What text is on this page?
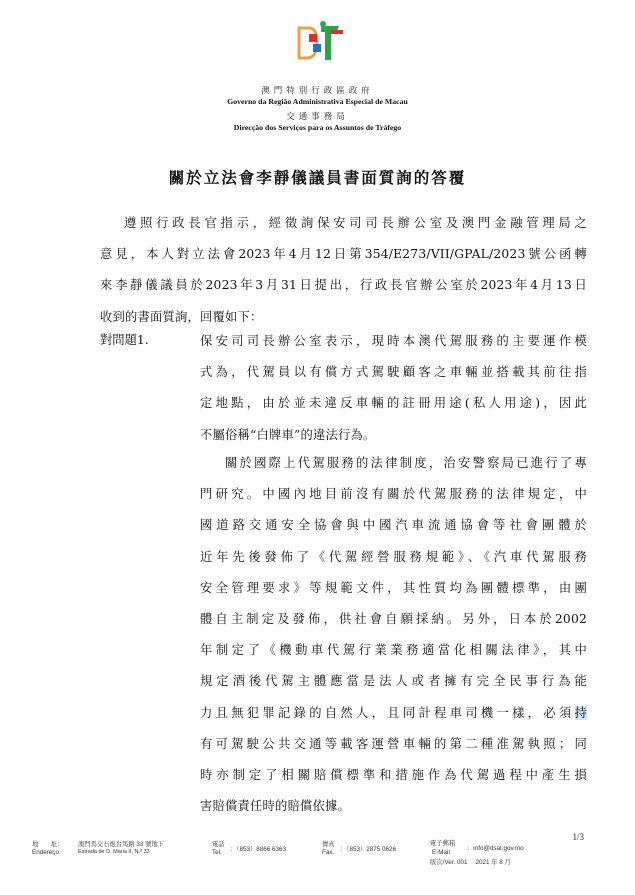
澳門特別行政區政府
Governo da Região Administrativa Especial de Macau
交通事務局
Direcção dos Serviços para os Assuntos de Tráfego
關於立法會李靜儀議員書面質詢的答覆
遵照行政長官指示，經徵詢保安司司長辦公室及澳門金融管理局之
意見，本人對立法會2023年4月12日第354/E273/VII/GPAL/2023號公函轉
來李靜儀議員於2023年3月31日提出，行政長官辦公室於2023年4月13日
收到的書面質詢，回覆如下：
對問題1.	保安司司長辦公室表示，現時本澳代駕服務的主要運作模
式為，代駕員以有償方式駕駛顧客之車輛並搭載其前往指
定地點，由於並未違反車輛的註冊用途(私人用途)，因此
不屬俗稱“白牌車”的違法行為。
關於國際上代駕服務的法律制度，治安警察局已進行了專
門研究。中國內地目前沒有關於代駕服務的法律規定，中
國道路交通安全協會與中國汽車流通協會等社會團體於
近年先後發佈了《代駕經營服務規範》、《汽車代駕服務
安全管理要求》等規範文件，其性質均為團體標準，由團
體自主制定及發佈，供社會自願採納。另外，日本於2002
年制定了《機動車代駕行業業務適當化相關法律》，其中
規定酒後代駕主體應當是法人或者擁有完全民事行為能
力且無犯罪記錄的自然人，且同計程車司機一樣，必須持
有可駕駛公共交通等載客運營車輛的第二種准駕執照；同
時亦制定了相關賠償標準和措施作為代駕過程中產生損
害賠償責任時的賠償依據。
1/3
地　　址：
Endereço
澳門馬交石炮台馬路 33 號地下
Estrada de D. Maria II, N.º 33
電話
Tel. ：（853）8866 6363
傳真
Fax. ：（853）2875 0626
電子郵箱
E-Mail
：info@dsat.gov.mo
版次/Ver. 001　 2021 年 8 月
